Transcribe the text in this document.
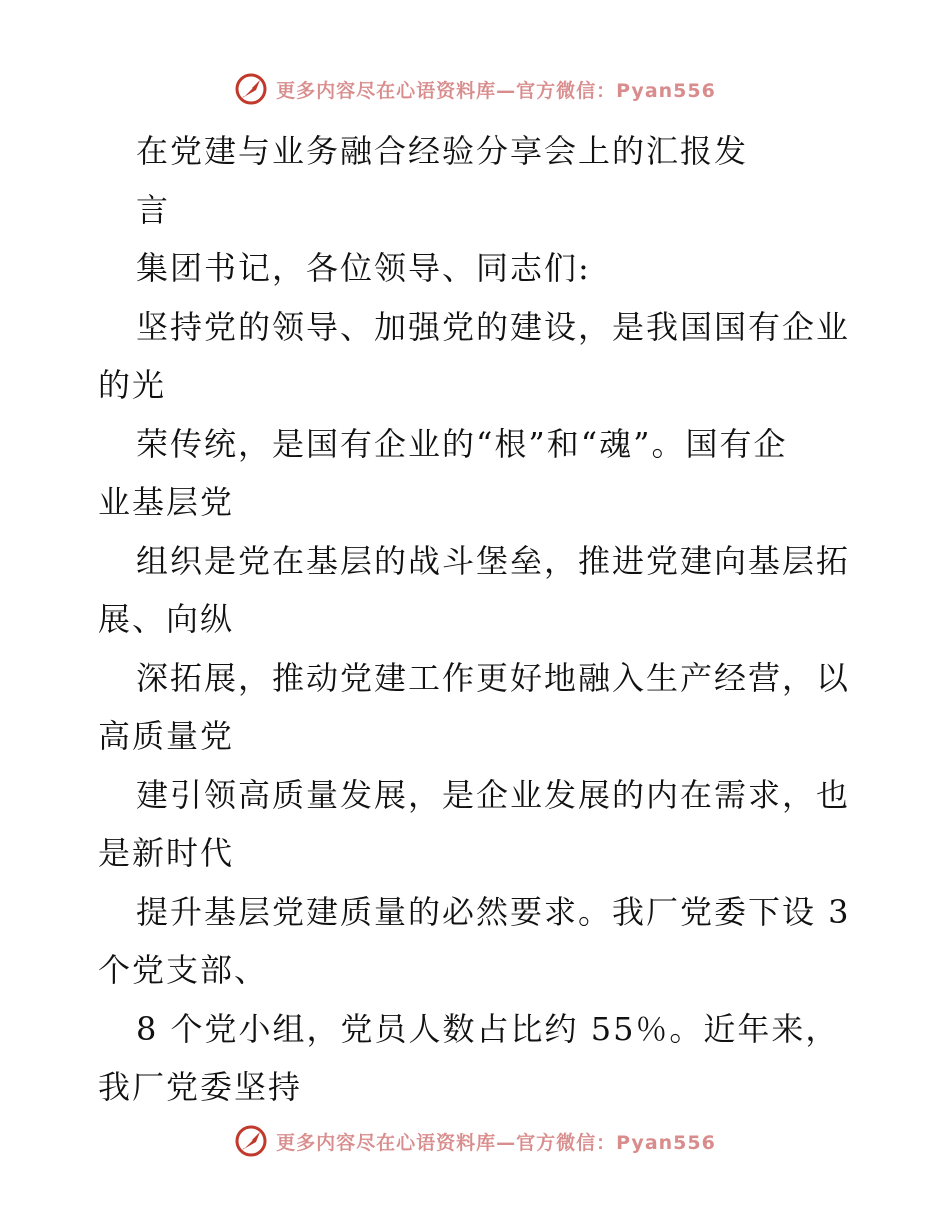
更多内容尽在心语资料库—官方微信：Pyan556
在党建与业务融合经验分享会上的汇报发
言
集团书记，各位领导、同志们:
坚持党的领导、加强党的建设，是我国国有企业
的光
荣传统，是国有企业的“根”和“魂”。国有企
业基层党
组织是党在基层的战斗堡垒，推进党建向基层拓
展、向纵
深拓展，推动党建工作更好地融入生产经营，以
高质量党
建引领高质量发展，是企业发展的内在需求，也
是新时代
提升基层党建质量的必然要求。我厂党委下设 3
个党支部、
8 个党小组，党员人数占比约 55％。近年来，
我厂党委坚持
更多内容尽在心语资料库—官方微信：Pyan556
